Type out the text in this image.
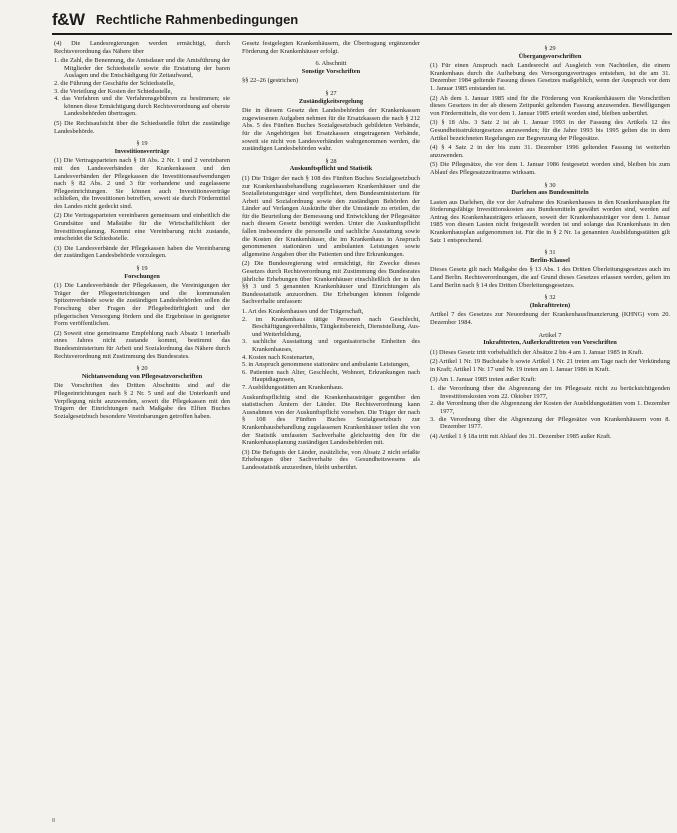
f&W Rechtliche Rahmenbedingungen

(4) Die Landesregierungen werden ermächtigt, durch Rechtsverordnung das Nähere über

1. die Zahl, die Benennung, die Amtsdauer und die Amtsführung der Mitglieder der Schiedsstelle sowie die Erstattung der baren Auslagen und die Entschädigung für Zeitaufwand,
2. die Führung der Geschäfte der Schiedsstelle,
3. die Verteilung der Kosten der Schiedsstelle,
4. das Verfahren und die Verfahrensgebühren zu bestimmen; sie können diese Ermächtigung durch Rechtsverordnung auf oberste Landesbehörden übertragen.

(5) Die Rechtsaufsicht über die Schiedsstelle führt die zuständige Landesbehörde.

§ 19
Investitionsverträge

(1) Die Vertragsparteien nach § 18 Abs. 2 Nr. 1 und 2 vereinbaren mit den Landesverbänden der Krankenkassen und den Landesverbänden der Pflegekassen die Investitionsaufwendungen nach § 82 Abs. 2 und 3 für vorhandene und zugelassene Pflegeeinrichtungen. Sie können auch Investitionsverträge schließen, die Investitionen betreffen, soweit sie durch Fördermittel des Landes nicht gedeckt sind.

(2) Die Vertragsparteien vereinbaren gemeinsam und einheitlich die Grundsätze und Maßstäbe für die Wirtschaftlichkeit der Investitionsplanung. Kommt eine Vereinbarung nicht zustande, entscheidet die Schiedsstelle.

(3) Die Landesverbände der Pflegekassen haben die Vereinbarung der zuständigen Landesbehörde vorzulegen.

§ 19
Forschungen

(1) Die Landesverbände der Pflegekassen, die Vereinigungen der Träger der Pflegeeinrichtungen und die kommunalen Spitzenverbände sowie die zuständigen Landesbehörden sollen die Forschung über Fragen der Pflegebedürftigkeit und der pflegerischen Versorgung fördern und die Ergebnisse in geeigneter Form veröffentlichen.

(2) Soweit eine gemeinsame Empfehlung nach Absatz 1 innerhalb eines Jahres nicht zustande kommt, bestimmt das Bundesministerium für Arbeit und Sozialordnung das Nähere durch Rechtsverordnung mit Zustimmung des Bundesrates.

§ 20
Nichtanwendung von Pflegesatzvorschriften

Die Vorschriften des Dritten Abschnitts sind auf die Pflegeeinrichtungen nach § 2 Nr. 5 und auf die Unterkunft und Verpflegung nicht anzuwenden, soweit die Pflegekassen mit den Trägern der Einrichtungen nach Maßgabe des Elften Buches Sozialgesetzbuch besondere Vereinbarungen getroffen haben.

Gesetz festgelegten Krankenhäusern, die Übertragung ergänzender Förderung der Krankenhäuser erfolgt.

6. Abschnitt
Sonstige Vorschriften

§§ 22–26 (gestrichen)

§ 27
Zuständigkeitsregelung

Die in diesem Gesetz den Landesbehörden der Krankenkassen zugewiesenen Aufgaben nehmen für die Ersatzkassen die nach § 212 Abs. 5 des Fünften Buches Sozialgesetzbuch gebildeten Verbände, für die Angehörigen bei Ersatzkassen eingetragenen Verbände, soweit sie nicht von Landesverbänden wahrgenommen werden, die zuständigen Landesbehörden wahr.

§ 28
Auskunftspflicht und Statistik

(1) Die Träger der nach § 108 des Fünften Buches Sozialgesetzbuch zur Krankenhausbehandlung zugelassenen Krankenhäuser und die Sozialleistungsträger sind verpflichtet, dem Bundesministerium für Arbeit und Sozialordnung sowie den zuständigen Behörden der Länder auf Verlangen Auskünfte über die Umstände zu erteilen, die für die Beurteilung der Bemessung und Entwicklung der Pflegesätze nach diesem Gesetz benötigt werden. Unter die Auskunftspflicht fallen insbesondere die personelle und sachliche Ausstattung sowie die Kosten der Krankenhäuser, die im Krankenhaus in Anspruch genommenen stationären und ambulanten Leistungen sowie allgemeine Angaben über die Patienten und ihre Erkrankungen.

(2) Die Bundesregierung wird ermächtigt, für Zwecke dieses Gesetzes durch Rechtsverordnung mit Zustimmung des Bundesrates jährliche Erhebungen über Krankenhäuser einschließlich der in den §§ 3 und 5 genannten Krankenhäuser und Einrichtungen als Bundesstatistik anzuordnen. Die Erhebungen können folgende Sachverhalte umfassen:

1. Art des Krankenhauses und der Trägerschaft,
2. im Krankenhaus tätige Personen nach Geschlecht, Beschäftigungsverhältnis, Tätigkeitsbereich, Dienststellung, Aus- und Weiterbildung,
3. sachliche Ausstattung und organisatorische Einheiten des Krankenhauses,
4. Kosten nach Kostenarten,
5. in Anspruch genommene stationäre und ambulante Leistungen,
6. Patienten nach Alter, Geschlecht, Wohnort, Erkrankungen nach Hauptdiagnosen,
7. Ausbildungsstätten am Krankenhaus.

Auskunftspflichtig sind die Krankenhausträger gegenüber den statistischen Ämtern der Länder. Die Rechtsverordnung kann Ausnahmen von der Auskunftspflicht vorsehen. Die Träger der nach § 108 des Fünften Buches Sozialgesetzbuch zur Krankenhausbehandlung zugelassenen Krankenhäuser teilen die von der Statistik umfassten Sachverhalte gleichzeitig den für die Krankenhausplanung zuständigen Landesbehörden mit.

(3) Die Befugnis der Länder, zusätzliche, von Absatz 2 nicht erfaßte Erhebungen über Sachverhalte des Gesundheitswesens als Landesstatistik anzuordnen, bleibt unberührt.

§ 29
Übergangsvorschriften

(1) Für einen Anspruch nach Landesrecht auf Ausgleich von Nachteilen, die einem Krankenhaus durch die Aufhebung des Versorgungsvertrages entstehen, ist die am 31. Dezember 1984 geltende Fassung dieses Gesetzes maßgeblich, wenn der Anspruch vor dem 1. Januar 1985 entstanden ist.

(2) Ab dem 1. Januar 1985 sind für die Förderung von Krankenhäusern die Vorschriften dieses Gesetzes in der ab diesem Zeitpunkt geltenden Fassung anzuwenden. Bewilligungen von Fördermitteln, die vor dem 1. Januar 1985 erteilt worden sind, bleiben unberührt.

(3) § 18 Abs. 3 Satz 2 ist ab 1. Januar 1993 in der Fassung des Artikels 12 des Gesundheitsstrukturgesetzes anzuwenden; für die Jahre 1993 bis 1995 gelten die in dem Artikel bezeichneten Regelungen zur Begrenzung der Pflegesätze.

(4) § 4 Satz 2 in der bis zum 31. Dezember 1996 geltenden Fassung ist weiterhin anzuwenden.

(5) Die Pflegesätze, die vor dem 1. Januar 1986 festgesetzt worden sind, bleiben bis zum Ablauf des Pflegesatzzeitraums wirksam.

§ 30
Darlehen aus Bundesmitteln

Lasten aus Darlehen, die vor der Aufnahme des Krankenhauses in den Krankenhausplan für förderungsfähige Investitionskosten aus Bundesmitteln gewährt worden sind, werden auf Antrag des Krankenhausträgers erlassen, soweit der Krankenhausträger vor dem 1. Januar 1985 von diesen Lasten nicht freigestellt worden ist und solange das Krankenhaus in den Krankenhausplan aufgenommen ist. Für die in § 2 Nr. 1a genannten Ausbildungsstätten gilt Satz 1 entsprechend.

§ 31
Berlin-Klausel

Dieses Gesetz gilt nach Maßgabe des § 13 Abs. 1 des Dritten Überleitungsgesetzes auch im Land Berlin. Rechtsverordnungen, die auf Grund dieses Gesetzes erlassen werden, gelten im Land Berlin nach § 14 des Dritten Überleitungsgesetzes.

§ 32
(Inkrafttreten)

Artikel 7 des Gesetzes zur Neuordnung der Krankenhausfinanzierung (KHNG) vom 20. Dezember 1984.

Artikel 7
Inkrafttreten, Außerkrafttreten von Vorschriften

(1) Dieses Gesetz tritt vorbehaltlich der Absätze 2 bis 4 am 1. Januar 1985 in Kraft.

(2) Artikel 1 Nr. 19 Buchstabe b sowie Artikel 1 Nr. 21 treten am Tage nach der Verkündung in Kraft; Artikel 1 Nr. 17 und Nr. 19 treten am 1. Januar 1986 in Kraft.

(3) Am 1. Januar 1985 treten außer Kraft:

1. die Verordnung über die Abgrenzung der im Pflegesatz nicht zu berücksichtigenden Investitionskosten vom 22. Oktober 1977,
2. die Verordnung über die Abgrenzung der Kosten der Ausbildungsstätten vom 1. Dezember 1977,
3. die Verordnung über die Abgrenzung der Pflegesätze von Krankenhäusern vom 8. Dezember 1977.

(4) Artikel 1 § 18a tritt mit Ablauf des 31. Dezember 1985 außer Kraft.

8
